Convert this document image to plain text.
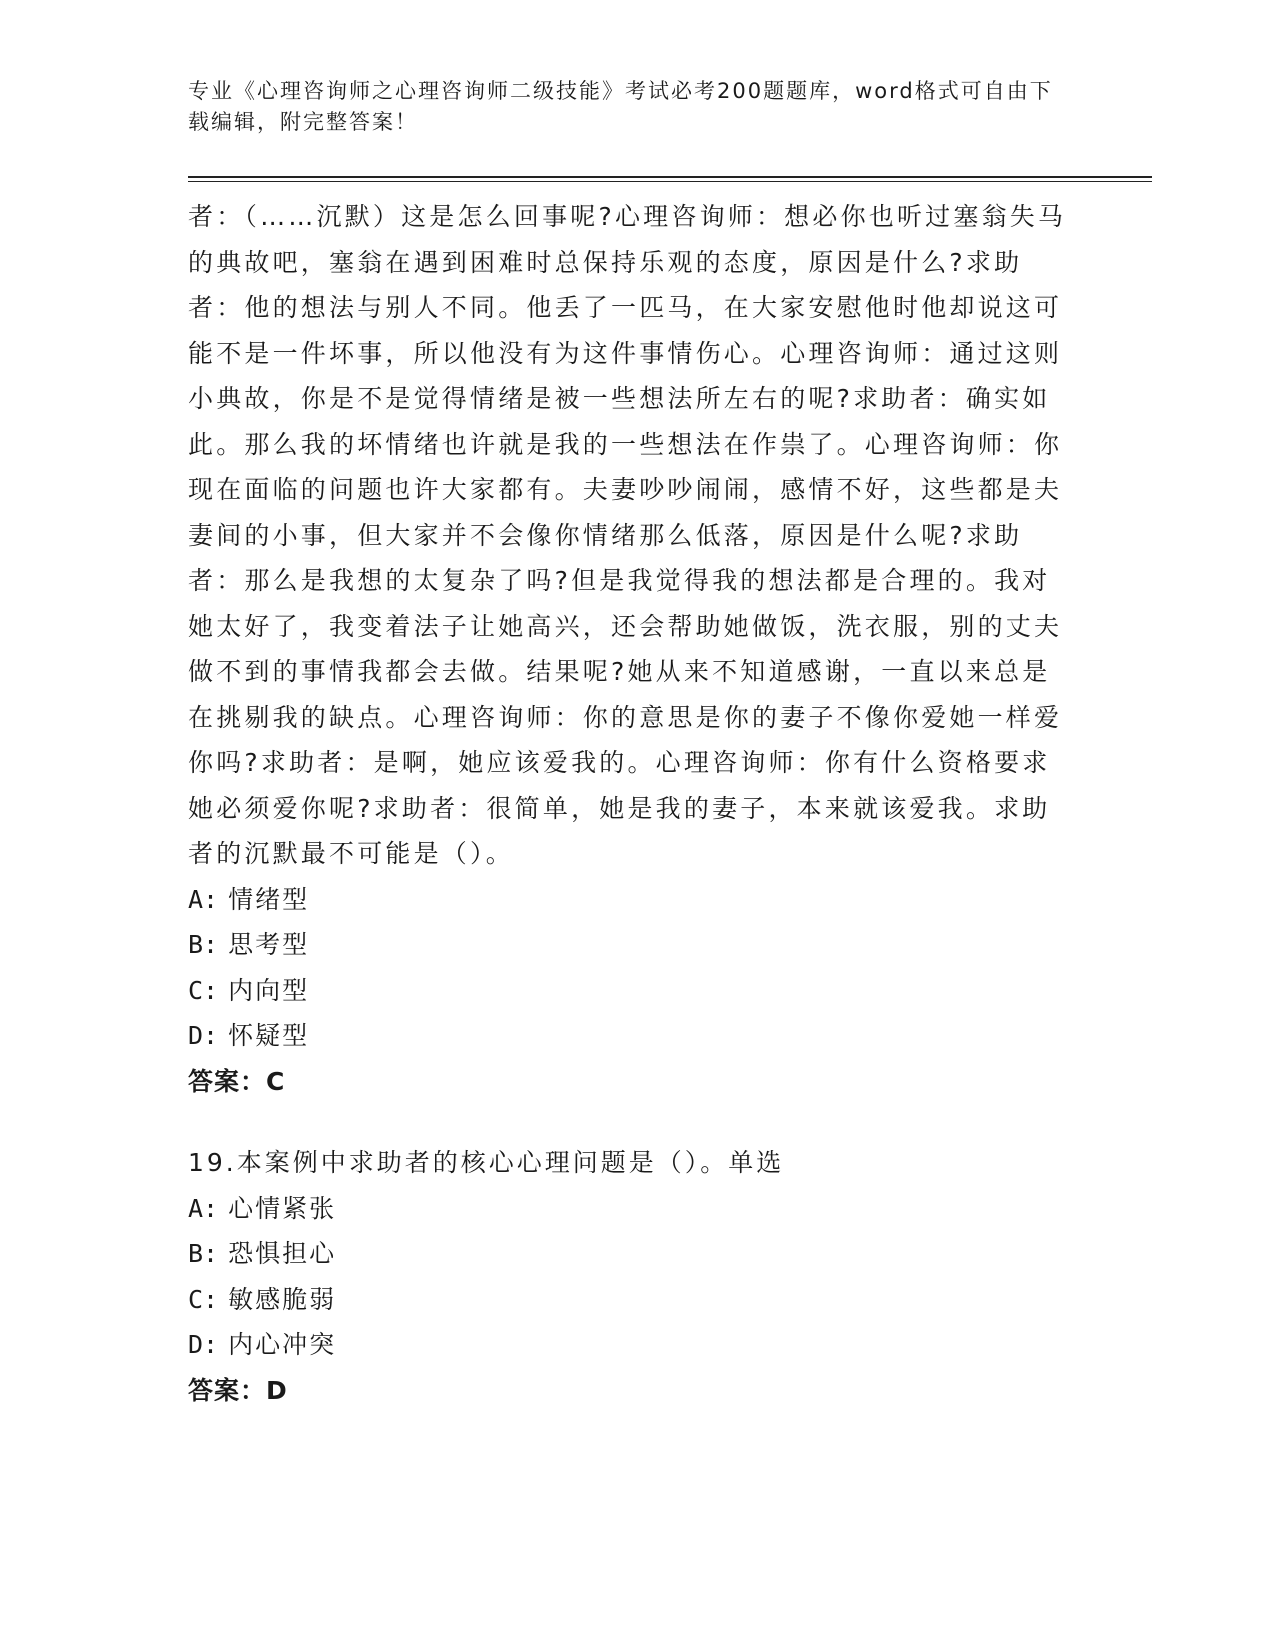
专业《心理咨询师之心理咨询师二级技能》考试必考200题题库，word格式可自由下载编辑，附完整答案！

者：（……沉默）这是怎么回事呢?心理咨询师：想必你也听过塞翁失马的典故吧，塞翁在遇到困难时总保持乐观的态度，原因是什么?求助者：他的想法与别人不同。他丢了一匹马，在大家安慰他时他却说这可能不是一件坏事，所以他没有为这件事情伤心。心理咨询师：通过这则小典故，你是不是觉得情绪是被一些想法所左右的呢?求助者：确实如此。那么我的坏情绪也许就是我的一些想法在作祟了。心理咨询师：你现在面临的问题也许大家都有。夫妻吵吵闹闹，感情不好，这些都是夫妻间的小事，但大家并不会像你情绪那么低落，原因是什么呢?求助者：那么是我想的太复杂了吗?但是我觉得我的想法都是合理的。我对她太好了，我变着法子让她高兴，还会帮助她做饭，洗衣服，别的丈夫做不到的事情我都会去做。结果呢?她从来不知道感谢，一直以来总是在挑剔我的缺点。心理咨询师：你的意思是你的妻子不像你爱她一样爱你吗?求助者：是啊，她应该爱我的。心理咨询师：你有什么资格要求她必须爱你呢?求助者：很简单，她是我的妻子，本来就该爱我。求助者的沉默最不可能是（）。

A: 情绪型
B: 思考型
C: 内向型
D: 怀疑型
答案：C
19.本案例中求助者的核心心理问题是（）。单选
A: 心情紧张
B: 恐惧担心
C: 敏感脆弱
D: 内心冲突
答案：D
